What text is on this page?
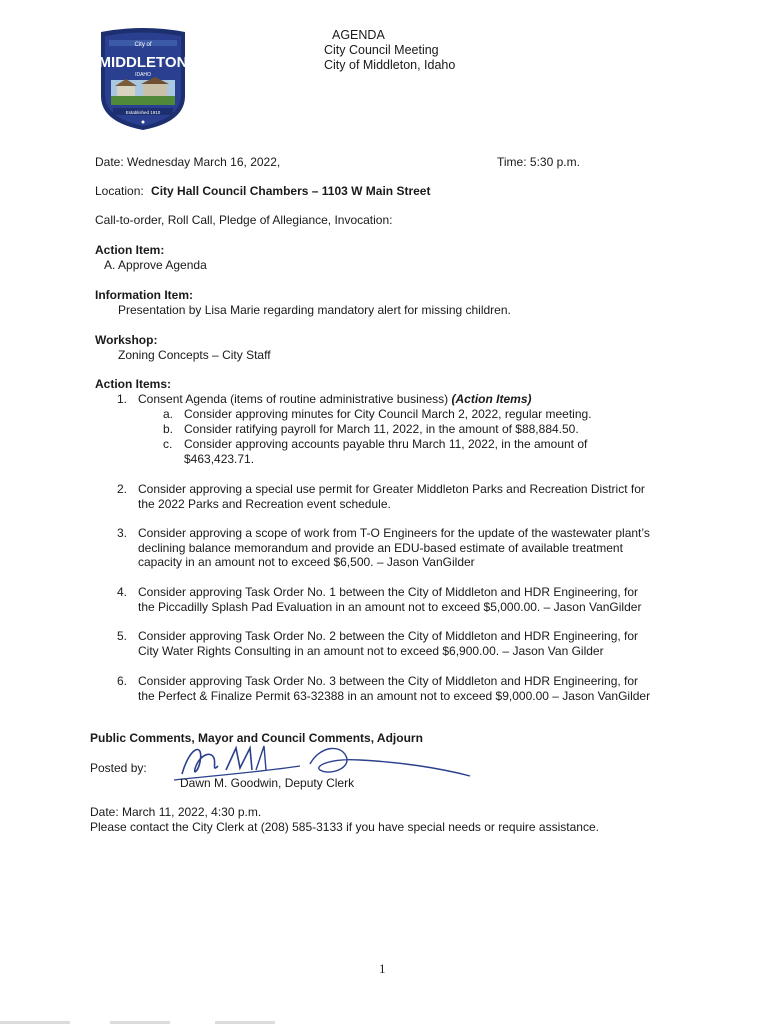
City of
MIDDLETON
IDAHO
Established 1910
AGENDA
City Council Meeting
City of Middleton, Idaho
Date: Wednesday March 16, 2022,	Time: 5:30 p.m.
Location: City Hall Council Chambers – 1103 W Main Street
Call-to-order, Roll Call, Pledge of Allegiance, Invocation:
Action Item:
A. Approve Agenda
Information Item:
Presentation by Lisa Marie regarding mandatory alert for missing children.
Workshop:
Zoning Concepts – City Staff
Action Items:
1. Consent Agenda (items of routine administrative business) (Action Items)
a. Consider approving minutes for City Council March 2, 2022, regular meeting.
b. Consider ratifying payroll for March 11, 2022, in the amount of $88,884.50.
c. Consider approving accounts payable thru March 11, 2022, in the amount of
$463,423.71.
2. Consider approving a special use permit for Greater Middleton Parks and Recreation District for
the 2022 Parks and Recreation event schedule.
3. Consider approving a scope of work from T-O Engineers for the update of the wastewater plant’s
declining balance memorandum and provide an EDU-based estimate of available treatment
capacity in an amount not to exceed $6,500. – Jason VanGilder
4. Consider approving Task Order No. 1 between the City of Middleton and HDR Engineering, for
the Piccadilly Splash Pad Evaluation in an amount not to exceed $5,000.00. – Jason VanGilder
5. Consider approving Task Order No. 2 between the City of Middleton and HDR Engineering, for
City Water Rights Consulting in an amount not to exceed $6,900.00. – Jason Van Gilder
6. Consider approving Task Order No. 3 between the City of Middleton and HDR Engineering, for
the Perfect & Finalize Permit 63-32388 in an amount not to exceed $9,000.00 – Jason VanGilder
Public Comments, Mayor and Council Comments, Adjourn
Posted by:
Dawn M. Goodwin, Deputy Clerk
Date: March 11, 2022, 4:30 p.m.
Please contact the City Clerk at (208) 585-3133 if you have special needs or require assistance.
1
